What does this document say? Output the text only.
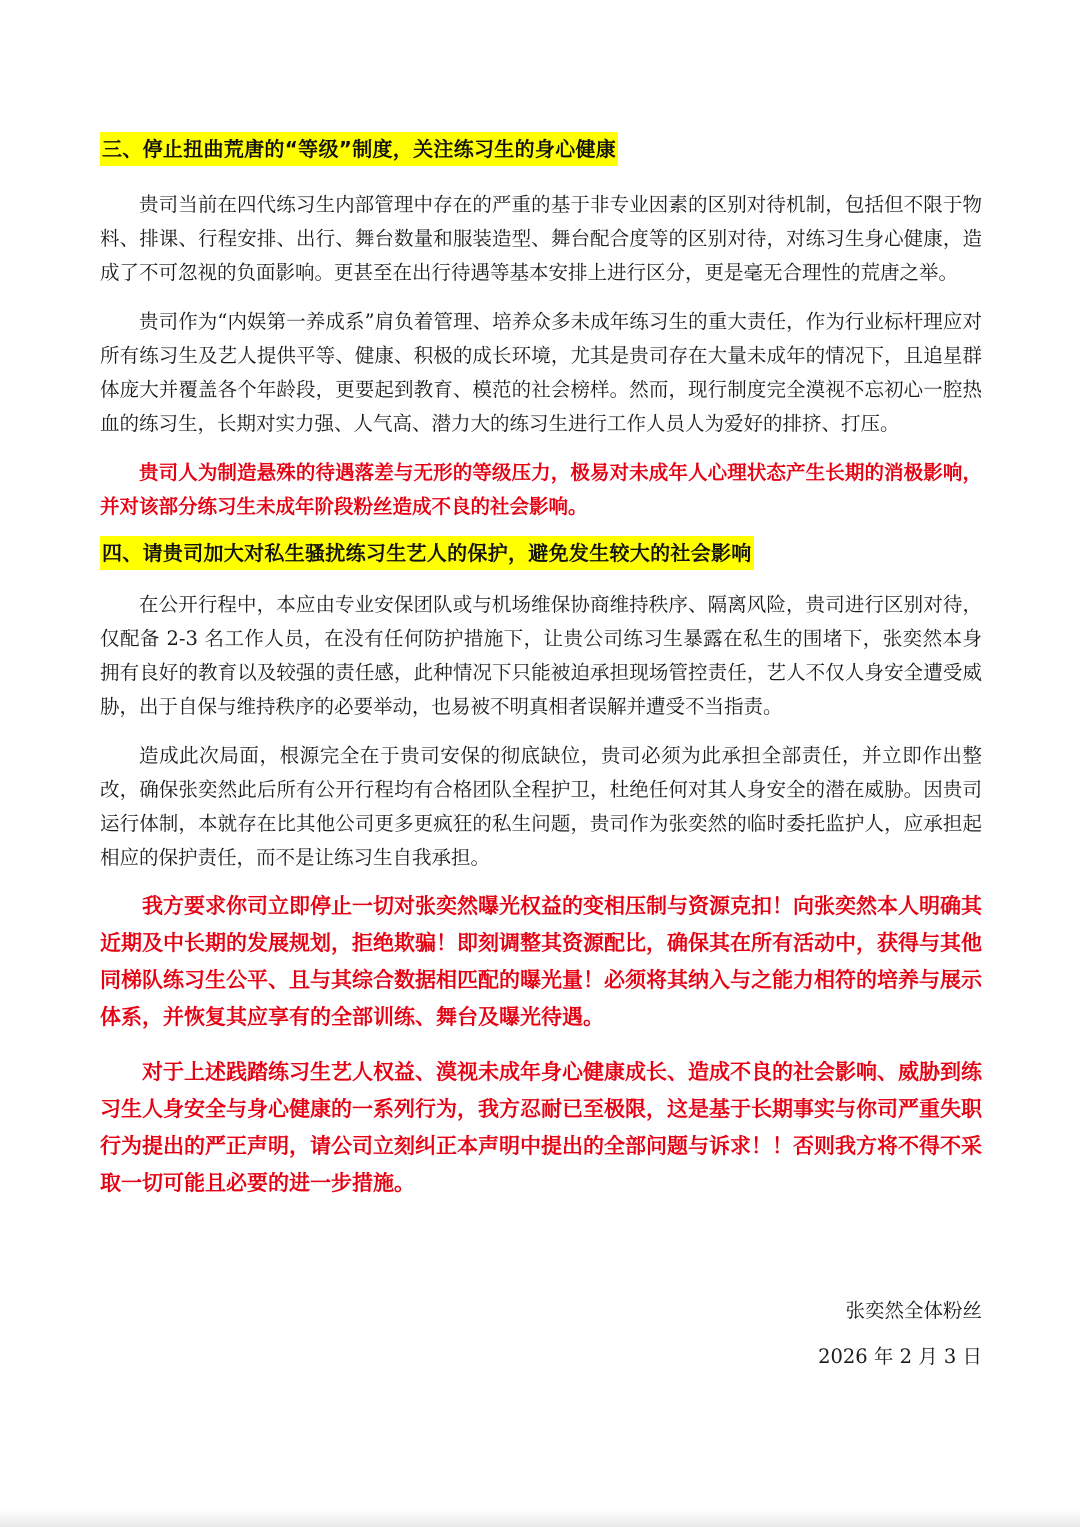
三、停止扭曲荒唐的“等级”制度，关注练习生的身心健康

贵司当前在四代练习生内部管理中存在的严重的基于非专业因素的区别对待机制，包括但不限于物料、排课、行程安排、出行、舞台数量和服装造型、舞台配合度等的区别对待，对练习生身心健康，造成了不可忽视的负面影响。更甚至在出行待遇等基本安排上进行区分，更是毫无合理性的荒唐之举。

贵司作为“内娱第一养成系”肩负着管理、培养众多未成年练习生的重大责任，作为行业标杆理应对所有练习生及艺人提供平等、健康、积极的成长环境，尤其是贵司存在大量未成年的情况下，且追星群体庞大并覆盖各个年龄段，更要起到教育、模范的社会榜样。然而，现行制度完全漠视不忘初心一腔热血的练习生，长期对实力强、人气高、潜力大的练习生进行工作人员人为爱好的排挤、打压。

贵司人为制造悬殊的待遇落差与无形的等级压力，极易对未成年人心理状态产生长期的消极影响，并对该部分练习生未成年阶段粉丝造成不良的社会影响。

四、请贵司加大对私生骚扰练习生艺人的保护，避免发生较大的社会影响

在公开行程中，本应由专业安保团队或与机场维保协商维持秩序、隔离风险，贵司进行区别对待，仅配备 2-3 名工作人员，在没有任何防护措施下，让贵公司练习生暴露在私生的围堵下，张奕然本身拥有良好的教育以及较强的责任感，此种情况下只能被迫承担现场管控责任，艺人不仅人身安全遭受威胁，出于自保与维持秩序的必要举动，也易被不明真相者误解并遭受不当指责。

造成此次局面，根源完全在于贵司安保的彻底缺位，贵司必须为此承担全部责任，并立即作出整改，确保张奕然此后所有公开行程均有合格团队全程护卫，杜绝任何对其人身安全的潜在威胁。因贵司运行体制，本就存在比其他公司更多更疯狂的私生问题，贵司作为张奕然的临时委托监护人，应承担起相应的保护责任，而不是让练习生自我承担。

我方要求你司立即停止一切对张奕然曝光权益的变相压制与资源克扣！向张奕然本人明确其近期及中长期的发展规划，拒绝欺骗！即刻调整其资源配比，确保其在所有活动中，获得与其他同梯队练习生公平、且与其综合数据相匹配的曝光量！必须将其纳入与之能力相符的培养与展示体系，并恢复其应享有的全部训练、舞台及曝光待遇。

对于上述践踏练习生艺人权益、漠视未成年身心健康成长、造成不良的社会影响、威胁到练习生人身安全与身心健康的一系列行为，我方忍耐已至极限，这是基于长期事实与你司严重失职行为提出的严正声明，请公司立刻纠正本声明中提出的全部问题与诉求！！否则我方将不得不采取一切可能且必要的进一步措施。

张奕然全体粉丝
2026 年 2 月 3 日
